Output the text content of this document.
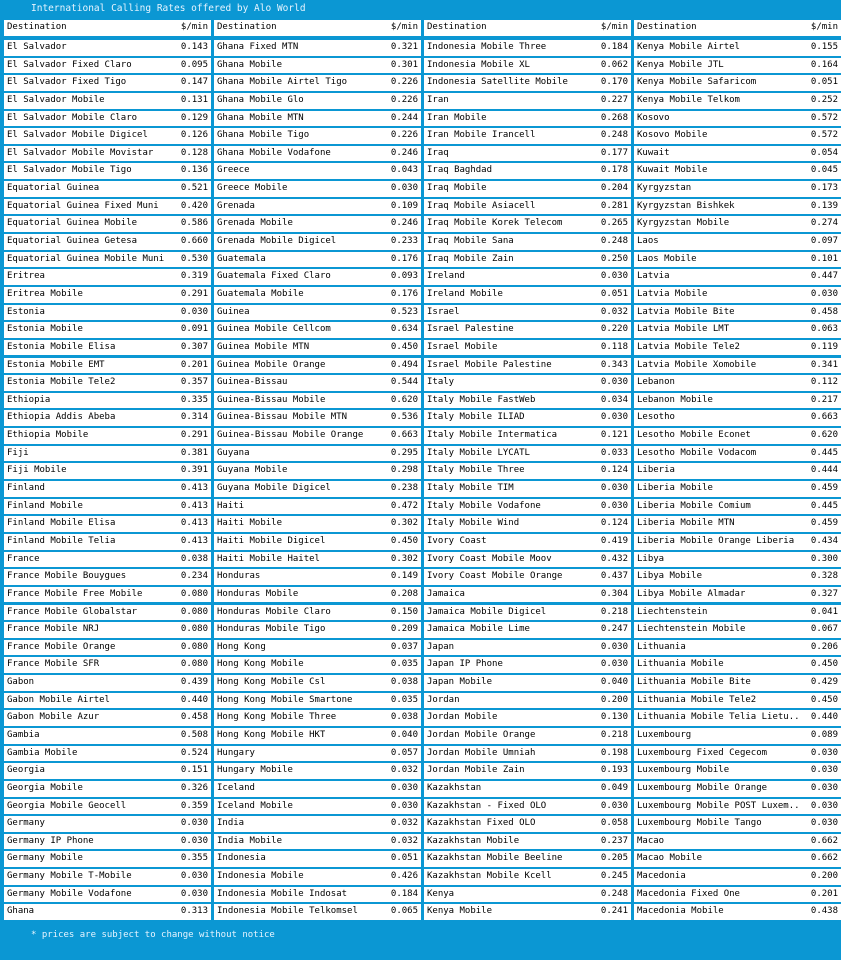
International Calling Rates offered by Alo World
Destination	$/min
El Salvador	0.143
El Salvador Fixed Claro	0.095
El Salvador Fixed Tigo	0.147
El Salvador Mobile	0.131
El Salvador Mobile Claro	0.129
El Salvador Mobile Digicel	0.126
El Salvador Mobile Movistar	0.128
El Salvador Mobile Tigo	0.136
Equatorial Guinea	0.521
Equatorial Guinea Fixed Muni 0.420
Equatorial Guinea Mobile	0.586
Equatorial Guinea Getesa	0.660
Equatorial Guinea Mobile Muni 0.530
Eritrea	0.319
Eritrea Mobile	0.291
Estonia	0.030
Estonia Mobile	0.091
Estonia Mobile Elisa	0.307
Estonia Mobile EMT	0.201
Estonia Mobile Tele2	0.357
Ethiopia	0.335
Ethiopia Addis Abeba	0.314
Ethiopia Mobile	0.291
Fiji	0.381
Fiji Mobile	0.391
Finland	0.413
Finland Mobile	0.413
Finland Mobile Elisa	0.413
Finland Mobile Telia	0.413
France	0.038
France Mobile Bouygues	0.234
France Mobile Free Mobile	0.080
France Mobile Globalstar	0.080
France Mobile NRJ	0.080
France Mobile Orange	0.080
France Mobile SFR	0.080
Gabon	0.439
Gabon Mobile Airtel	0.440
Gabon Mobile Azur	0.458
Gambia	0.508
Gambia Mobile	0.524
Georgia	0.151
Georgia Mobile	0.326
Georgia Mobile Geocell	0.359
Germany	0.030
Germany IP Phone	0.030
Germany Mobile	0.355
Germany Mobile T-Mobile	0.030
Germany Mobile Vodafone	0.030
Ghana	0.313
Destination	$/min
Ghana Fixed MTN	0.321
Ghana Mobile	0.301
Ghana Mobile Airtel Tigo	0.226
Ghana Mobile Glo	0.226
Ghana Mobile MTN	0.244
Ghana Mobile Tigo	0.226
Ghana Mobile Vodafone	0.246
Greece	0.043
Greece Mobile	0.030
Grenada	0.109
Grenada Mobile	0.246
Grenada Mobile Digicel	0.233
Guatemala	0.176
Guatemala Fixed Claro	0.093
Guatemala Mobile	0.176
Guinea	0.523
Guinea Mobile Cellcom	0.634
Guinea Mobile MTN	0.450
Guinea Mobile Orange	0.494
Guinea-Bissau	0.544
Guinea-Bissau Mobile	0.620
Guinea-Bissau Mobile MTN	0.536
Guinea-Bissau Mobile Orange	0.663
Guyana	0.295
Guyana Mobile	0.298
Guyana Mobile Digicel	0.238
Haiti	0.472
Haiti Mobile	0.302
Haiti Mobile Digicel	0.450
Haiti Mobile Haitel	0.302
Honduras	0.149
Honduras Mobile	0.208
Honduras Mobile Claro	0.150
Honduras Mobile Tigo	0.209
Hong Kong	0.037
Hong Kong Mobile	0.035
Hong Kong Mobile Csl	0.038
Hong Kong Mobile Smartone	0.035
Hong Kong Mobile Three	0.038
Hong Kong Mobile HKT	0.040
Hungary	0.057
Hungary Mobile	0.032
Iceland	0.030
Iceland Mobile	0.030
India	0.032
India Mobile	0.032
Indonesia	0.051
Indonesia Mobile	0.426
Indonesia Mobile Indosat	0.184
Indonesia Mobile Telkomsel	0.065
Destination	$/min
Indonesia Mobile Three	0.184
Indonesia Mobile XL	0.062
Indonesia Satellite Mobile	0.170
Iran	0.227
Iran Mobile	0.268
Iran Mobile Irancell	0.248
Iraq	0.177
Iraq Baghdad	0.178
Iraq Mobile	0.204
Iraq Mobile Asiacell	0.281
Iraq Mobile Korek Telecom	0.265
Iraq Mobile Sana	0.248
Iraq Mobile Zain	0.250
Ireland	0.030
Ireland Mobile	0.051
Israel	0.032
Israel Palestine	0.220
Israel Mobile	0.118
Israel Mobile Palestine	0.343
Italy	0.030
Italy Mobile FastWeb	0.034
Italy Mobile ILIAD	0.030
Italy Mobile Intermatica	0.121
Italy Mobile LYCATL	0.033
Italy Mobile Three	0.124
Italy Mobile TIM	0.030
Italy Mobile Vodafone	0.030
Italy Mobile Wind	0.124
Ivory Coast	0.419
Ivory Coast Mobile Moov	0.432
Ivory Coast Mobile Orange	0.437
Jamaica	0.304
Jamaica Mobile Digicel	0.218
Jamaica Mobile Lime	0.247
Japan	0.030
Japan IP Phone	0.030
Japan Mobile	0.040
Jordan	0.200
Jordan Mobile	0.130
Jordan Mobile Orange	0.218
Jordan Mobile Umniah	0.198
Jordan Mobile Zain	0.193
Kazakhstan	0.049
Kazakhstan - Fixed OLO	0.030
Kazakhstan Fixed OLO	0.058
Kazakhstan Mobile	0.237
Kazakhstan Mobile Beeline	0.205
Kazakhstan Mobile Kcell	0.245
Kenya	0.248
Kenya Mobile	0.241
Destination	$/min
Kenya Mobile Airtel	0.155
Kenya Mobile JTL	0.164
Kenya Mobile Safaricom	0.051
Kenya Mobile Telkom	0.252
Kosovo	0.572
Kosovo Mobile	0.572
Kuwait	0.054
Kuwait Mobile	0.045
Kyrgyzstan	0.173
Kyrgyzstan Bishkek	0.139
Kyrgyzstan Mobile	0.274
Laos	0.097
Laos Mobile	0.101
Latvia	0.447
Latvia Mobile	0.030
Latvia Mobile Bite	0.458
Latvia Mobile LMT	0.063
Latvia Mobile Tele2	0.119
Latvia Mobile Xomobile	0.341
Lebanon	0.112
Lebanon Mobile	0.217
Lesotho	0.663
Lesotho Mobile Econet	0.620
Lesotho Mobile Vodacom	0.445
Liberia	0.444
Liberia Mobile	0.459
Liberia Mobile Comium	0.445
Liberia Mobile MTN	0.459
Liberia Mobile Orange Liberia 0.434
Libya	0.300
Libya Mobile	0.328
Libya Mobile Almadar	0.327
Liechtenstein	0.041
Liechtenstein Mobile	0.067
Lithuania	0.206
Lithuania Mobile	0.450
Lithuania Mobile Bite	0.429
Lithuania Mobile Tele2	0.450
Lithuania Mobile Telia Lietu.. 0.440
Luxembourg	0.089
Luxembourg Fixed Cegecom	0.030
Luxembourg Mobile	0.030
Luxembourg Mobile Orange	0.030
Luxembourg Mobile POST Luxem.. 0.030
Luxembourg Mobile Tango	0.030
Macao	0.662
Macao Mobile	0.662
Macedonia	0.200
Macedonia Fixed One	0.201
Macedonia Mobile	0.438
* prices are subject to change without notice
